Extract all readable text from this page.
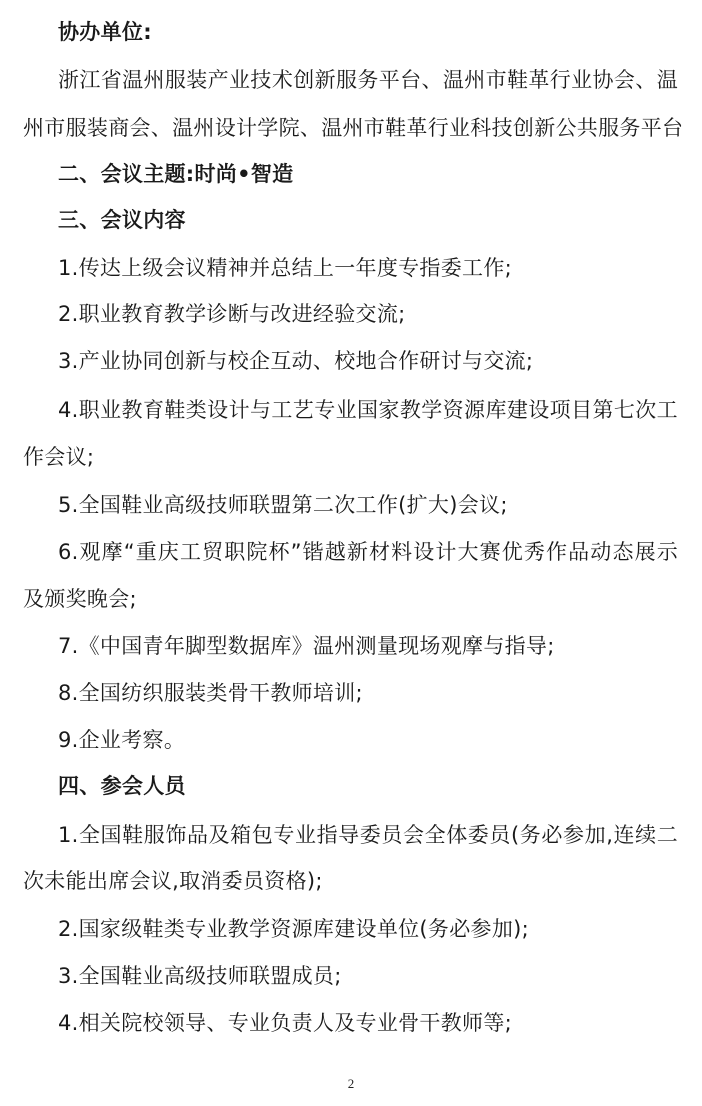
协办单位:
浙江省温州服装产业技术创新服务平台、温州市鞋革行业协会、温
州市服装商会、温州设计学院、温州市鞋革行业科技创新公共服务平台
二、会议主题:时尚•智造
三、会议内容
1.传达上级会议精神并总结上一年度专指委工作;
2.职业教育教学诊断与改进经验交流;
3.产业协同创新与校企互动、校地合作研讨与交流;
4.职业教育鞋类设计与工艺专业国家教学资源库建设项目第七次工
作会议;
5.全国鞋业高级技师联盟第二次工作(扩大)会议;
6.观摩“重庆工贸职院杯”锴越新材料设计大赛优秀作品动态展示
及颁奖晚会;
7.《中国青年脚型数据库》温州测量现场观摩与指导;
8.全国纺织服装类骨干教师培训;
9.企业考察。
四、参会人员
1.全国鞋服饰品及箱包专业指导委员会全体委员(务必参加,连续二
次未能出席会议,取消委员资格);
2.国家级鞋类专业教学资源库建设单位(务必参加);
3.全国鞋业高级技师联盟成员;
4.相关院校领导、专业负责人及专业骨干教师等;
2
